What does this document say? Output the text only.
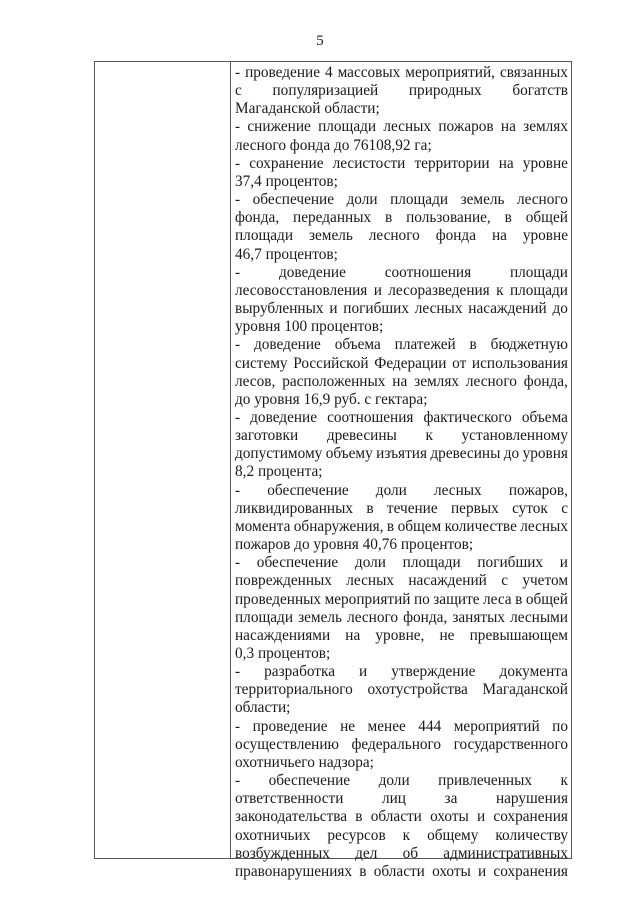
5
- проведение 4 массовых мероприятий, связанных
с популяризацией природных богатств
Магаданской области;
- снижение площади лесных пожаров на землях
лесного фонда до 76108,92 га;
- сохранение лесистости территории на уровне
37,4 процентов;
- обеспечение доли площади земель лесного
фонда, переданных в пользование, в общей
площади земель лесного фонда на уровне
46,7 процентов;
-	доведение	соотношения	площади
лесовосстановления и лесоразведения к площади
вырубленных и погибших лесных насаждений до
уровня 100 процентов;
- доведение объема платежей в бюджетную
систему Российской Федерации от использования
лесов, расположенных на землях лесного фонда,
до уровня 16,9 руб. с гектара;
- доведение соотношения фактического объема
заготовки древесины к установленному
допустимому объему изъятия древесины до уровня
8,2 процента;
- обеспечение доли лесных пожаров,
ликвидированных в течение первых суток с
момента обнаружения, в общем количестве лесных
пожаров до уровня 40,76 процентов;
- обеспечение доли площади погибших и
поврежденных лесных насаждений с учетом
проведенных мероприятий по защите леса в общей
площади земель лесного фонда, занятых лесными
насаждениями на уровне, не превышающем
0,3 процентов;
- разработка и утверждение документа
территориального охотустройства Магаданской
области;
- проведение не менее 444 мероприятий по
осуществлению федерального государственного
охотничьего надзора;
- обеспечение доли привлеченных к
ответственности	лиц	за	нарушения
законодательства в области охоты и сохранения
охотничьих ресурсов к общему количеству
возбужденных дел об административных
правонарушениях в области охоты и сохранения
